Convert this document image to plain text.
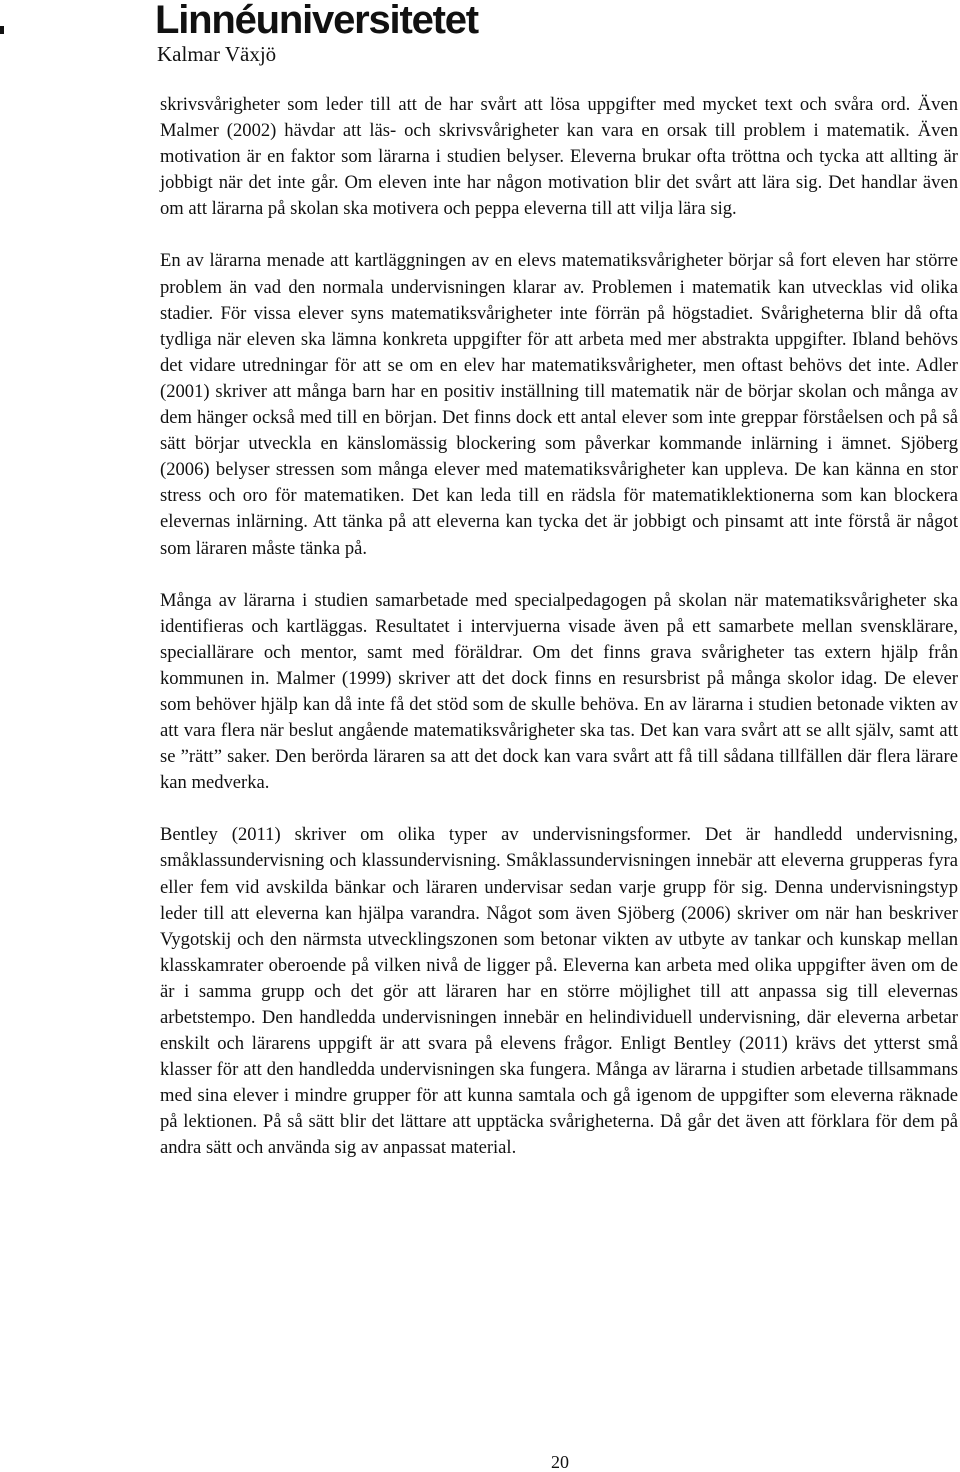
Linnéuniversitetet
Kalmar Växjö

skrivsvårigheter som leder till att de har svårt att lösa uppgifter med mycket text och svåra ord. Även Malmer (2002) hävdar att läs- och skrivsvårigheter kan vara en orsak till problem i matematik. Även motivation är en faktor som lärarna i studien belyser. Eleverna brukar ofta tröttna och tycka att allting är jobbigt när det inte går. Om eleven inte har någon motivation blir det svårt att lära sig. Det handlar även om att lärarna på skolan ska motivera och peppa eleverna till att vilja lära sig.

En av lärarna menade att kartläggningen av en elevs matematiksvårigheter börjar så fort eleven har större problem än vad den normala undervisningen klarar av. Problemen i matematik kan utvecklas vid olika stadier. För vissa elever syns matematiksvårigheter inte förrän på högstadiet. Svårigheterna blir då ofta tydliga när eleven ska lämna konkreta uppgifter för att arbeta med mer abstrakta uppgifter. Ibland behövs det vidare utredningar för att se om en elev har matematiksvårigheter, men oftast behövs det inte. Adler (2001) skriver att många barn har en positiv inställning till matematik när de börjar skolan och många av dem hänger också med till en början. Det finns dock ett antal elever som inte greppar förståelsen och på så sätt börjar utveckla en känslomässig blockering som påverkar kommande inlärning i ämnet. Sjöberg (2006) belyser stressen som många elever med matematiksvårigheter kan uppleva. De kan känna en stor stress och oro för matematiken. Det kan leda till en rädsla för matematiklektionerna som kan blockera elevernas inlärning. Att tänka på att eleverna kan tycka det är jobbigt och pinsamt att inte förstå är något som läraren måste tänka på.

Många av lärarna i studien samarbetade med specialpedagogen på skolan när matematiksvårigheter ska identifieras och kartläggas. Resultatet i intervjuerna visade även på ett samarbete mellan svensklärare, speciallärare och mentor, samt med föräldrar. Om det finns grava svårigheter tas extern hjälp från kommunen in. Malmer (1999) skriver att det dock finns en resursbrist på många skolor idag. De elever som behöver hjälp kan då inte få det stöd som de skulle behöva. En av lärarna i studien betonade vikten av att vara flera när beslut angående matematiksvårigheter ska tas. Det kan vara svårt att se allt själv, samt att se ”rätt” saker. Den berörda läraren sa att det dock kan vara svårt att få till sådana tillfällen där flera lärare kan medverka.

Bentley (2011) skriver om olika typer av undervisningsformer. Det är handledd undervisning, småklassundervisning och klassundervisning. Småklassundervisningen innebär att eleverna grupperas fyra eller fem vid avskilda bänkar och läraren undervisar sedan varje grupp för sig. Denna undervisningstyp leder till att eleverna kan hjälpa varandra. Något som även Sjöberg (2006) skriver om när han beskriver Vygotskij och den närmsta utvecklingszonen som betonar vikten av utbyte av tankar och kunskap mellan klasskamrater oberoende på vilken nivå de ligger på. Eleverna kan arbeta med olika uppgifter även om de är i samma grupp och det gör att läraren har en större möjlighet till att anpassa sig till elevernas arbetstempo. Den handledda undervisningen innebär en helindividuell undervisning, där eleverna arbetar enskilt och lärarens uppgift är att svara på elevens frågor. Enligt Bentley (2011) krävs det ytterst små klasser för att den handledda undervisningen ska fungera. Många av lärarna i studien arbetade tillsammans med sina elever i mindre grupper för att kunna samtala och gå igenom de uppgifter som eleverna räknade på lektionen. På så sätt blir det lättare att upptäcka svårigheterna. Då går det även att förklara för dem på andra sätt och använda sig av anpassat material.

20
